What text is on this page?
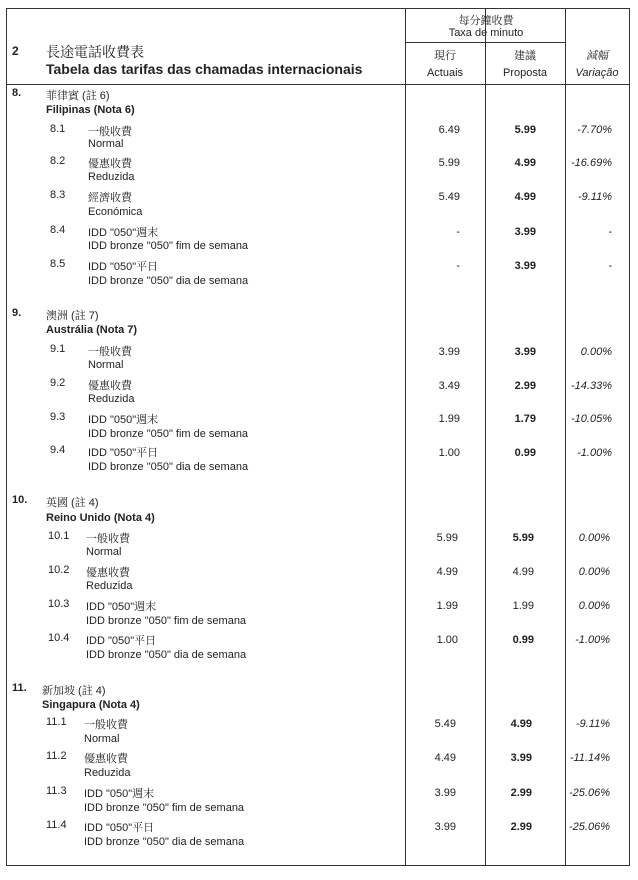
2 長途電話收費表
Tabela das tarifas das chamadas internacionais
每分鐘收費
Taxa de minuto
現行
Actuais
建議
Proposta
減幅
Variação
8. 菲律賓 (註 6)
Filipinas (Nota 6)
8.1 一般收費
Normal
6.49	5.99	-7.70%
8.2 優惠收費
Reduzida
5.99	4.99	-16.69%
8.3 經濟收費
Económica
5.49	4.99	-9.11%
8.4 IDD "050"週末
IDD bronze "050" fim de semana
-	3.99	-
8.5 IDD "050"平日
IDD bronze "050" dia de semana
-	3.99	-
9. 澳洲 (註 7)
Austrália (Nota 7)
9.1 一般收費
Normal
3.99	3.99	0.00%
9.2 優惠收費
Reduzida
3.49	2.99	-14.33%
9.3 IDD "050"週末
IDD bronze "050" fim de semana
1.99	1.79	-10.05%
9.4 IDD "050"平日
IDD bronze "050" dia de semana
1.00	0.99	-1.00%
10. 英國 (註 4)
Reino Unido (Nota 4)
10.1 一般收費
Normal
5.99	5.99	0.00%
10.2 優惠收費
Reduzida
4.99	4.99	0.00%
10.3 IDD "050"週末
IDD bronze "050" fim de semana
1.99	1.99	0.00%
10.4 IDD "050"平日
IDD bronze "050" dia de semana
1.00	0.99	-1.00%
11. 新加坡 (註 4)
Singapura (Nota 4)
11.1 一般收費
Normal
5.49	4.99	-9.11%
11.2 優惠收費
Reduzida
4.49	3.99	-11.14%
11.3 IDD "050"週末
IDD bronze "050" fim de semana
3.99	2.99	-25.06%
11.4 IDD "050"平日
IDD bronze "050" dia de semana
3.99	2.99	-25.06%
